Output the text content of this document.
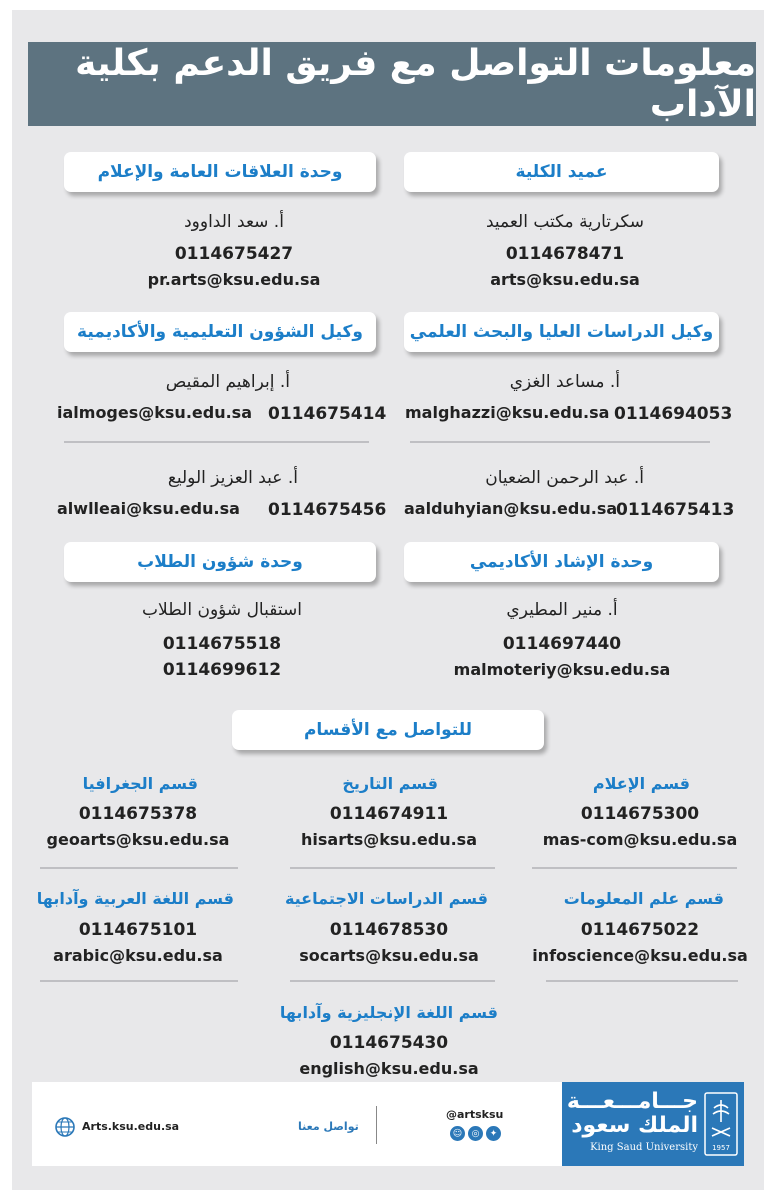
معلومات التواصل مع فريق الدعم بكلية الآداب
عميد الكلية
وحدة العلاقات العامة والإعلام
سكرتارية مكتب العميد
0114678471
arts@ksu.edu.sa
أ. سعد الداوود
0114675427
pr.arts@ksu.edu.sa
وكيل الدراسات العليا والبحث العلمي
وكيل الشؤون التعليمية والأكاديمية
أ. مساعد الغزي
0114694053
malghazzi@ksu.edu.sa
أ. عبد الرحمن الضعيان
0114675413
aalduhyian@ksu.edu.sa
أ. إبراهيم المقيص
0114675414
ialmoges@ksu.edu.sa
أ. عبد العزيز الوليع
0114675456
alwlleai@ksu.edu.sa
وحدة الإشاد الأكاديمي
وحدة شؤون الطلاب
أ. منير المطيري
0114697440
malmoteriy@ksu.edu.sa
استقبال شؤون الطلاب
0114675518
0114699612
للتواصل مع الأقسام
قسم الإعلام
0114675300
mas-com@ksu.edu.sa
قسم التاريخ
0114674911
hisarts@ksu.edu.sa
قسم الجغرافيا
0114675378
geoarts@ksu.edu.sa
قسم علم المعلومات
0114675022
infoscience@ksu.edu.sa
قسم الدراسات الاجتماعية
0114678530
socarts@ksu.edu.sa
قسم اللغة العربية وآدابها
0114675101
arabic@ksu.edu.sa
قسم اللغة الإنجليزية وآدابها
0114675430
english@ksu.edu.sa
Arts.ksu.edu.sa	تواصل معنا
@artsksu
☺	◎	✦
جـــامـــعـــة
الملك سعود
King Saud University 1957
